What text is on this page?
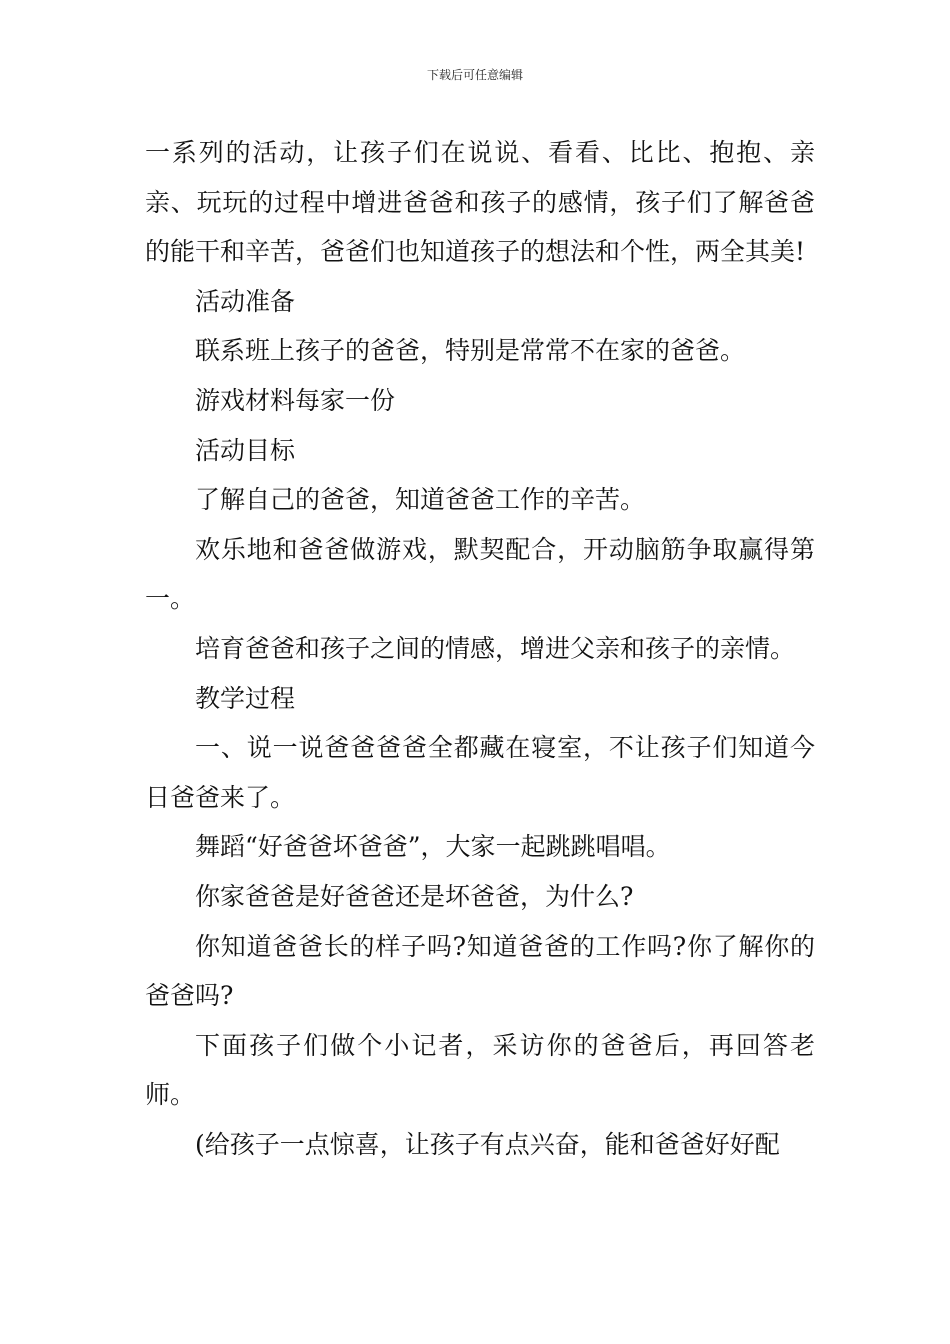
下载后可任意编辑

一系列的活动，让孩子们在说说、看看、比比、抱抱、亲亲、玩玩的过程中增进爸爸和孩子的感情，孩子们了解爸爸的能干和辛苦，爸爸们也知道孩子的想法和个性，两全其美!

活动准备

联系班上孩子的爸爸，特别是常常不在家的爸爸。

游戏材料每家一份

活动目标

了解自己的爸爸，知道爸爸工作的辛苦。

欢乐地和爸爸做游戏，默契配合，开动脑筋争取赢得第一。

培育爸爸和孩子之间的情感，增进父亲和孩子的亲情。

教学过程

一、说一说爸爸爸爸全都藏在寝室，不让孩子们知道今日爸爸来了。

舞蹈“好爸爸坏爸爸”，大家一起跳跳唱唱。

你家爸爸是好爸爸还是坏爸爸，为什么?

你知道爸爸长的样子吗?知道爸爸的工作吗?你了解你的爸爸吗?

下面孩子们做个小记者，采访你的爸爸后，再回答老师。

(给孩子一点惊喜，让孩子有点兴奋，能和爸爸好好配
